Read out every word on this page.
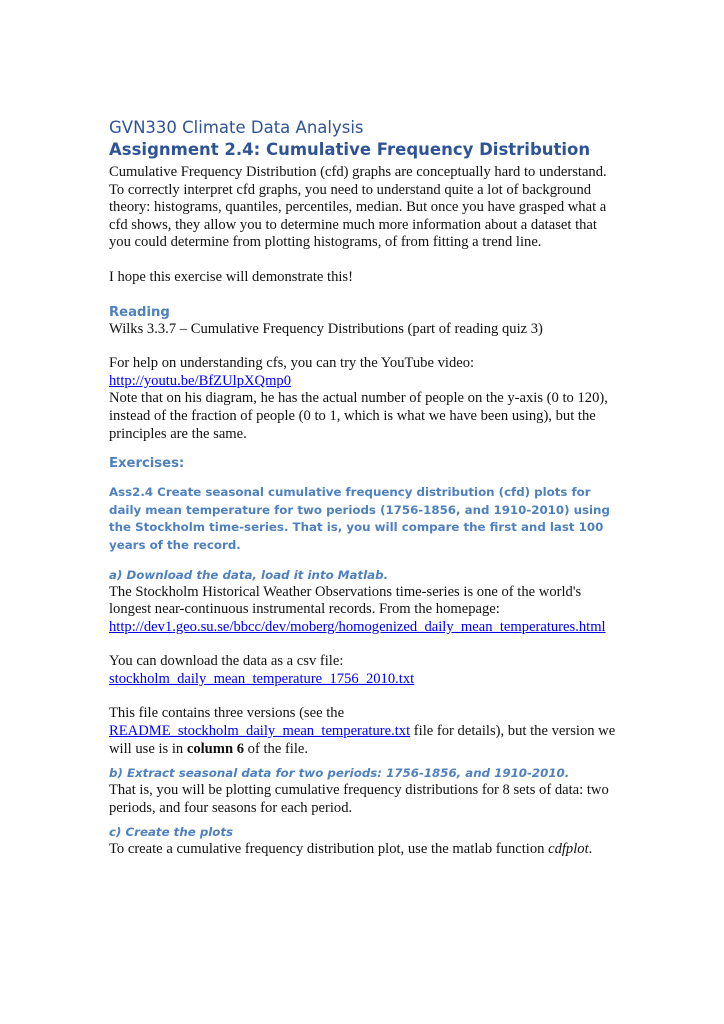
GVN330 Climate Data Analysis
Assignment 2.4: Cumulative Frequency Distribution

Cumulative Frequency Distribution (cfd) graphs are conceptually hard to understand. To correctly interpret cfd graphs, you need to understand quite a lot of background theory: histograms, quantiles, percentiles, median. But once you have grasped what a cfd shows, they allow you to determine much more information about a dataset that you could determine from plotting histograms, of from fitting a trend line.

I hope this exercise will demonstrate this!

Reading

Wilks 3.3.7 – Cumulative Frequency Distributions (part of reading quiz 3)

For help on understanding cfs, you can try the YouTube video:

http://youtu.be/BfZUlpXQmp0

Note that on his diagram, he has the actual number of people on the y-axis (0 to 120), instead of the fraction of people (0 to 1, which is what we have been using), but the principles are the same.

Exercises:

Ass2.4 Create seasonal cumulative frequency distribution (cfd) plots for daily mean temperature for two periods (1756-1856, and 1910-2010) using the Stockholm time-series. That is, you will compare the first and last 100 years of the record.

a) Download the data, load it into Matlab.

The Stockholm Historical Weather Observations time-series is one of the world's longest near-continuous instrumental records. From the homepage:

http://dev1.geo.su.se/bbcc/dev/moberg/homogenized_daily_mean_temperatures.html

You can download the data as a csv file:

stockholm_daily_mean_temperature_1756_2010.txt

This file contains three versions (see the
README_stockholm_daily_mean_temperature.txt file for details), but the version we will use is in column 6 of the file.

b) Extract seasonal data for two periods: 1756-1856, and 1910-2010.

That is, you will be plotting cumulative frequency distributions for 8 sets of data: two periods, and four seasons for each period.

c) Create the plots

To create a cumulative frequency distribution plot, use the matlab function cdfplot.
